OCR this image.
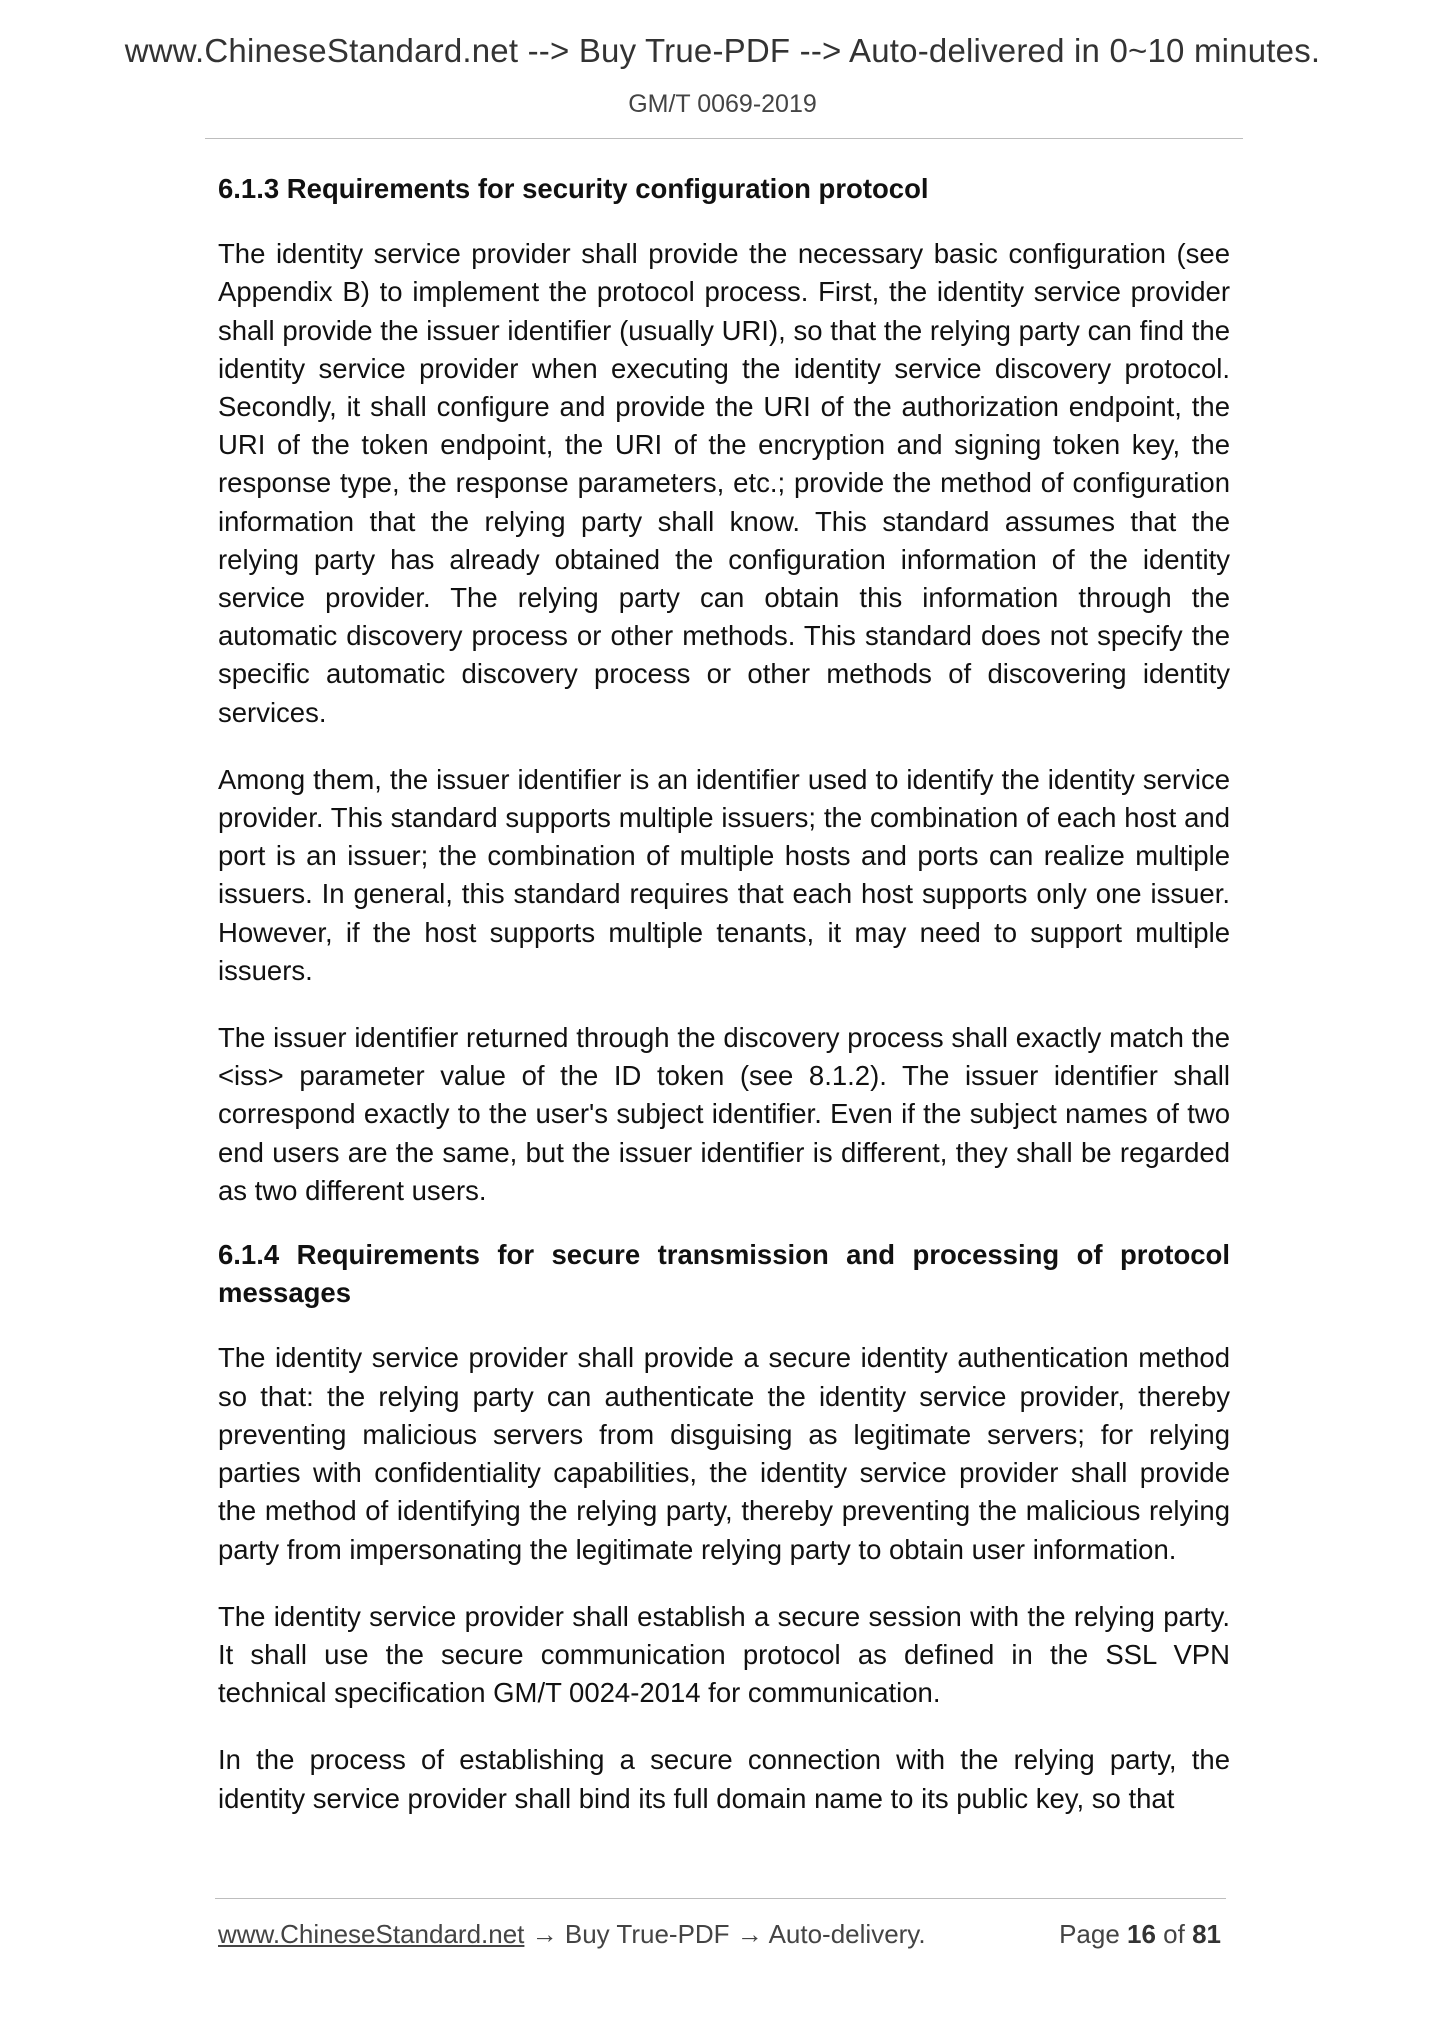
www.ChineseStandard.net --> Buy True-PDF --> Auto-delivered in 0~10 minutes.
GM/T 0069-2019
6.1.3 Requirements for security configuration protocol

The identity service provider shall provide the necessary basic configuration (see Appendix B) to implement the protocol process. First, the identity service provider shall provide the issuer identifier (usually URI), so that the relying party can find the identity service provider when executing the identity service discovery protocol. Secondly, it shall configure and provide the URI of the authorization endpoint, the URI of the token endpoint, the URI of the encryption and signing token key, the response type, the response parameters, etc.; provide the method of configuration information that the relying party shall know. This standard assumes that the relying party has already obtained the configuration information of the identity service provider. The relying party can obtain this information through the automatic discovery process or other methods. This standard does not specify the specific automatic discovery process or other methods of discovering identity services.

Among them, the issuer identifier is an identifier used to identify the identity service provider. This standard supports multiple issuers; the combination of each host and port is an issuer; the combination of multiple hosts and ports can realize multiple issuers. In general, this standard requires that each host supports only one issuer. However, if the host supports multiple tenants, it may need to support multiple issuers.

The issuer identifier returned through the discovery process shall exactly match the <iss> parameter value of the ID token (see 8.1.2). The issuer identifier shall correspond exactly to the user's subject identifier. Even if the subject names of two end users are the same, but the issuer identifier is different, they shall be regarded as two different users.

6.1.4 Requirements for secure transmission and processing of protocol messages

The identity service provider shall provide a secure identity authentication method so that: the relying party can authenticate the identity service provider, thereby preventing malicious servers from disguising as legitimate servers; for relying parties with confidentiality capabilities, the identity service provider shall provide the method of identifying the relying party, thereby preventing the malicious relying party from impersonating the legitimate relying party to obtain user information.

The identity service provider shall establish a secure session with the relying party. It shall use the secure communication protocol as defined in the SSL VPN technical specification GM/T 0024-2014 for communication.

In the process of establishing a secure connection with the relying party, the identity service provider shall bind its full domain name to its public key, so that

www.ChineseStandard.net → Buy True-PDF → Auto-delivery.	Page 16 of 81
